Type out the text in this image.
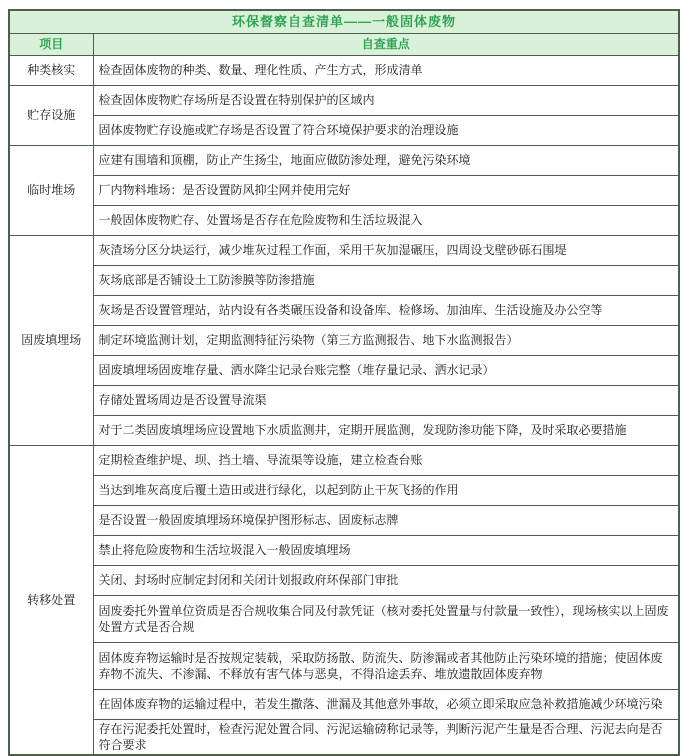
环保督察自查清单——一般固体废物	
项目	自查重点
种类核实	检查固体废物的种类、数量、理化性质、产生方式，形成清单
贮存设施	检查固体废物贮存场所是否设置在特别保护的区域内
	固体废物贮存设施或贮存场是否设置了符合环境保护要求的治理设施
临时堆场	应建有围墙和顶棚，防止产生扬尘，地面应做防渗处理，避免污染环境
	厂内物料堆场：是否设置防风抑尘网并使用完好
	一般固体废物贮存、处置场是否存在危险废物和生活垃圾混入
固废填埋场	灰渣场分区分块运行，减少堆灰过程工作面，采用干灰加湿碾压，四周设戈壁砂砾石围堤
	灰场底部是否铺设土工防渗膜等防渗措施
	灰场是否设置管理站，站内设有各类碾压设备和设备库、检修场、加油库、生活设施及办公空等
	制定环境监测计划，定期监测特征污染物（第三方监测报告、地下水监测报告）
	固废填埋场固废堆存量、洒水降尘记录台账完整（堆存量记录、洒水记录）
	存储处置场周边是否设置导流渠
	对于二类固废填埋场应设置地下水质监测井，定期开展监测，发现防渗功能下降，及时采取必要措施
转移处置	定期检查维护堤、坝、挡土墙、导流渠等设施，建立检查台账
	当达到堆灰高度后覆土造田或进行绿化，以起到防止干灰飞扬的作用
	是否设置一般固废填埋场环境保护图形标志、固废标志牌
	禁止将危险废物和生活垃圾混入一般固废填埋场
	关闭、封场时应制定封闭和关闭计划报政府环保部门审批
	固废委托外置单位资质是否合规收集合同及付款凭证（核对委托处置量与付款量一致性），现场核实以上固废处置方式是否合规
	固体废弃物运输时是否按规定装载，采取防扬散、防流失、防渗漏或者其他防止污染环境的措施；使固体废弃物不流失、不渗漏、不释放有害气体与恶臭，不得沿途丢弃、堆放遗散固体废弃物
	在固体废弃物的运输过程中，若发生撒落、泄漏及其他意外事故，必须立即采取应急补救措施减少环境污染
	存在污泥委托处置时，检查污泥处置合同、污泥运输磅称记录等，判断污泥产生量是否合理、污泥去向是否符合要求
